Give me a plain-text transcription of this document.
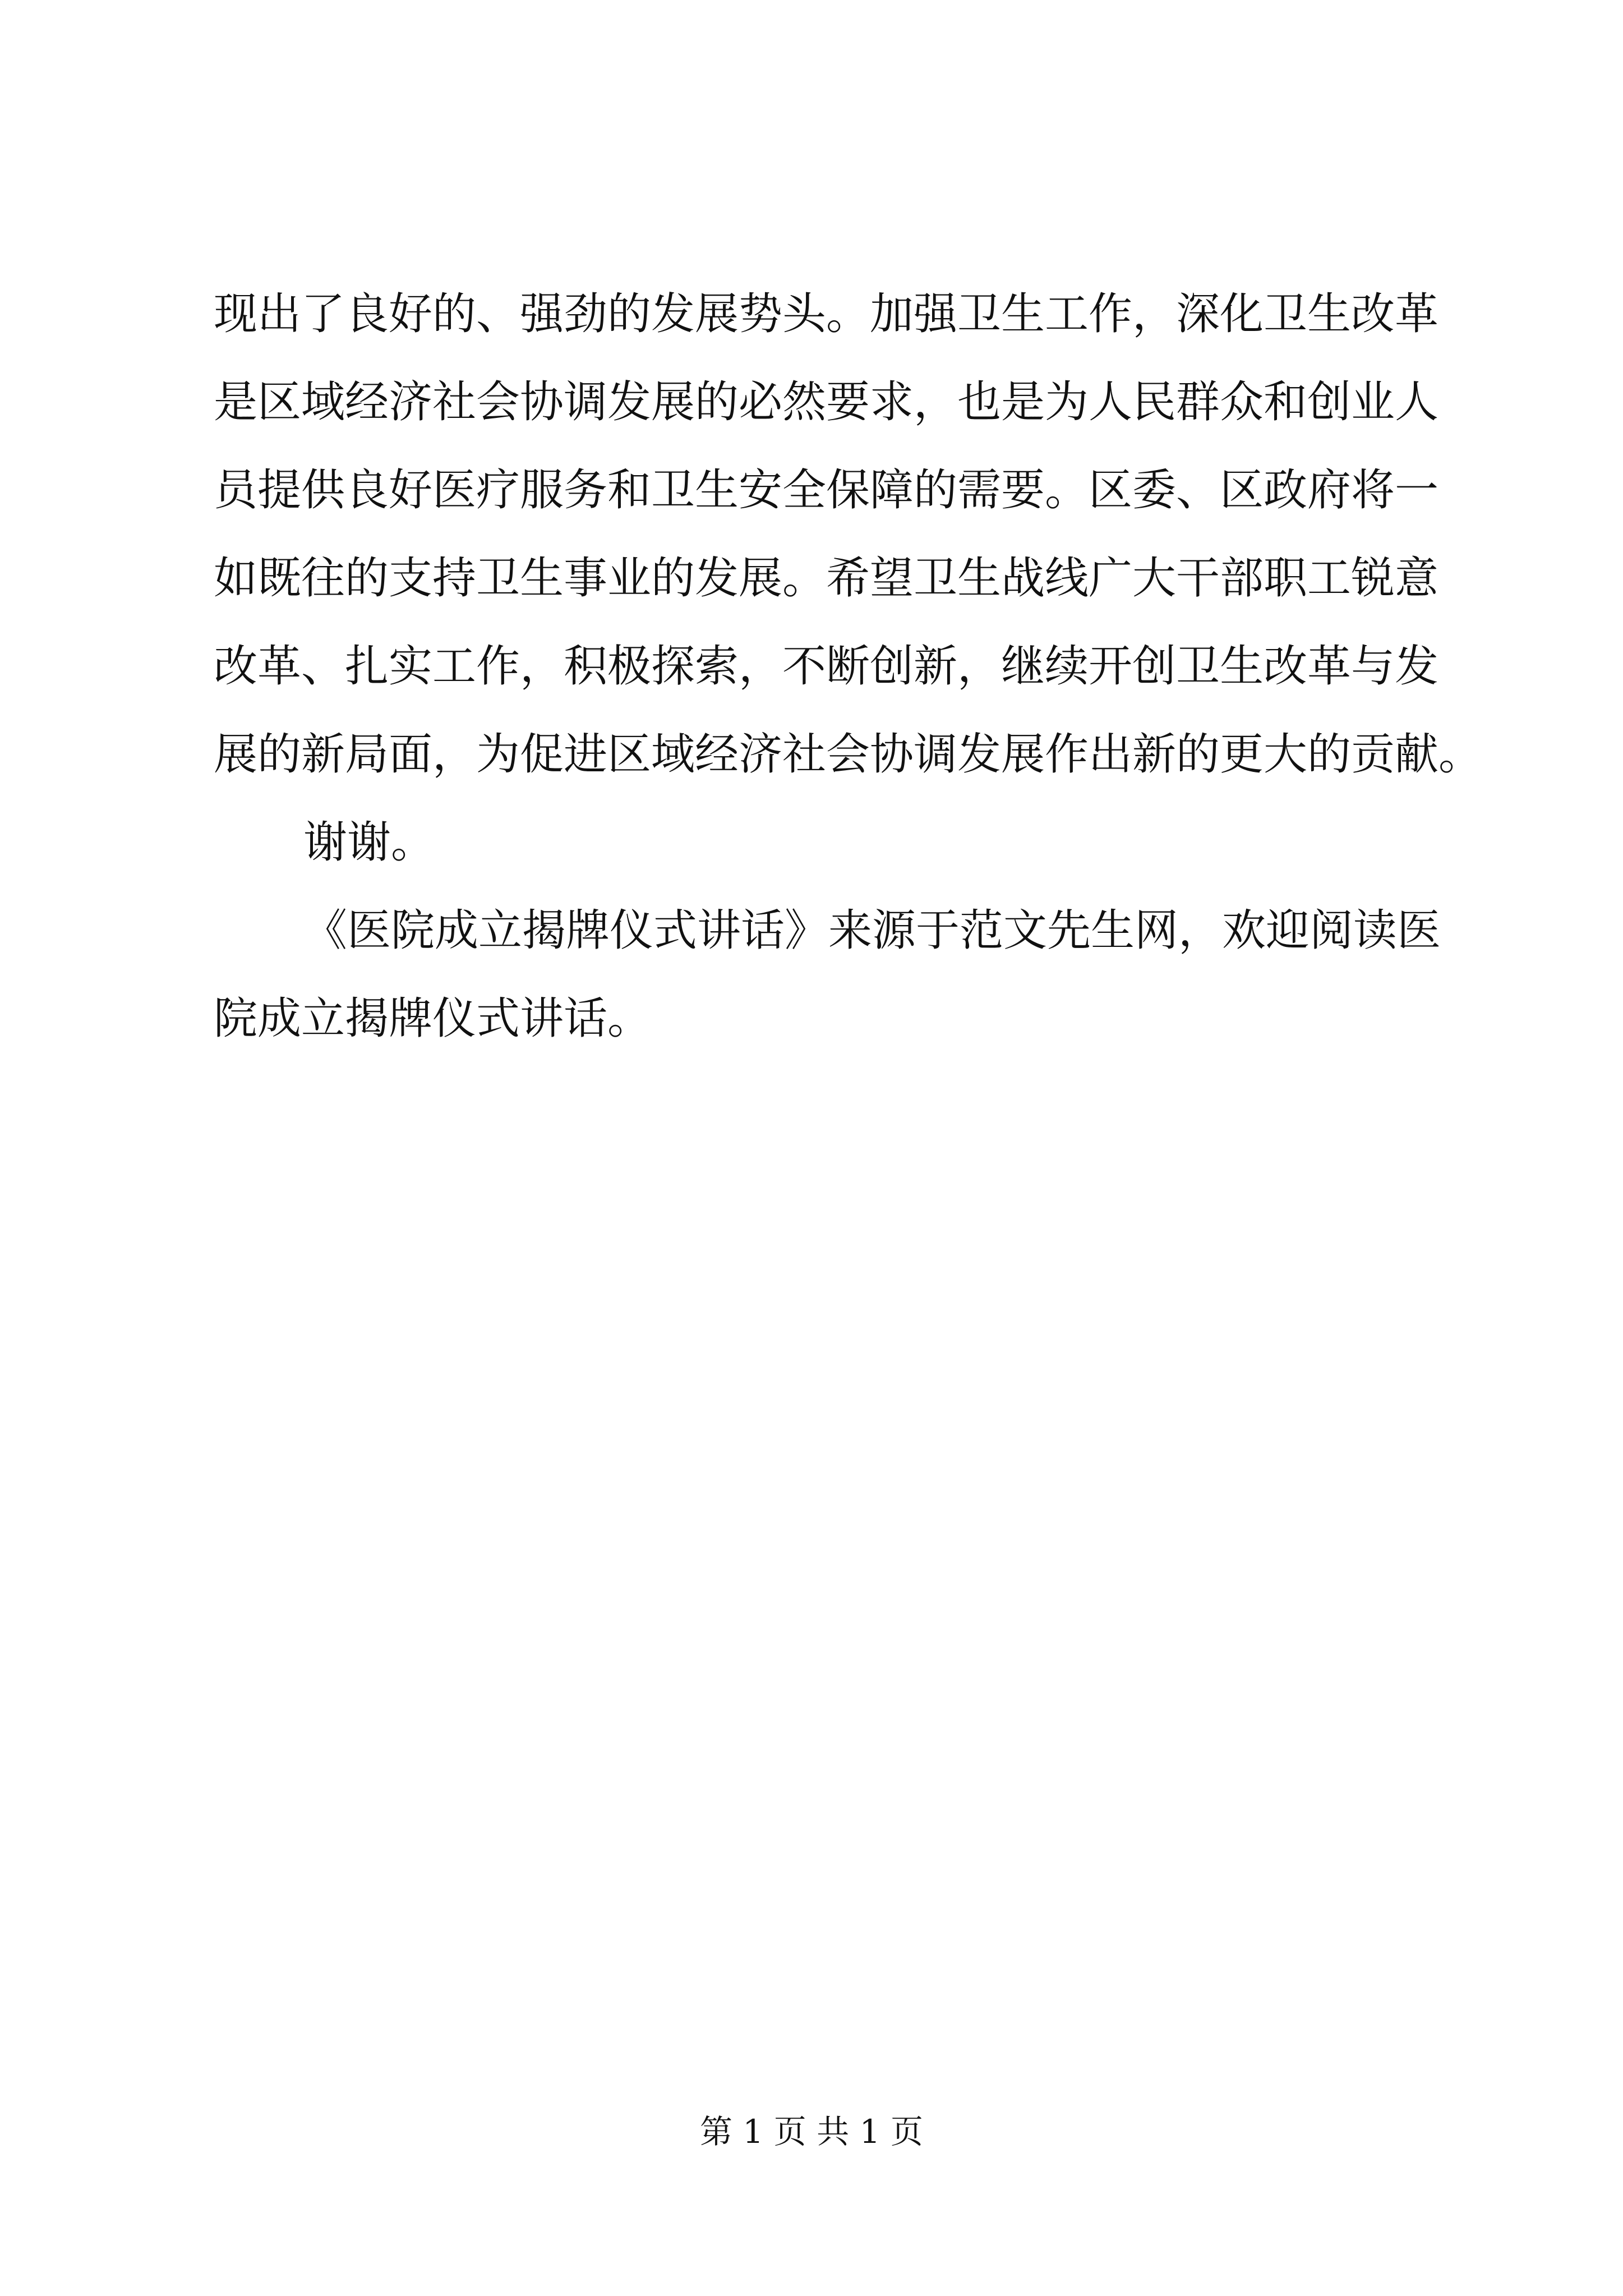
现出了良好的、强劲的发展势头。加强卫生工作，深化卫生改革
是区域经济社会协调发展的必然要求，也是为人民群众和创业人
员提供良好医疗服务和卫生安全保障的需要。区委、区政府将一
如既往的支持卫生事业的发展。希望卫生战线广大干部职工锐意
改革、扎实工作，积极探索，不断创新，继续开创卫生改革与发
展的新局面，为促进区域经济社会协调发展作出新的更大的贡献。
谢谢。
《医院成立揭牌仪式讲话》来源于范文先生网，欢迎阅读医
院成立揭牌仪式讲话。
第 1 页 共 1 页
